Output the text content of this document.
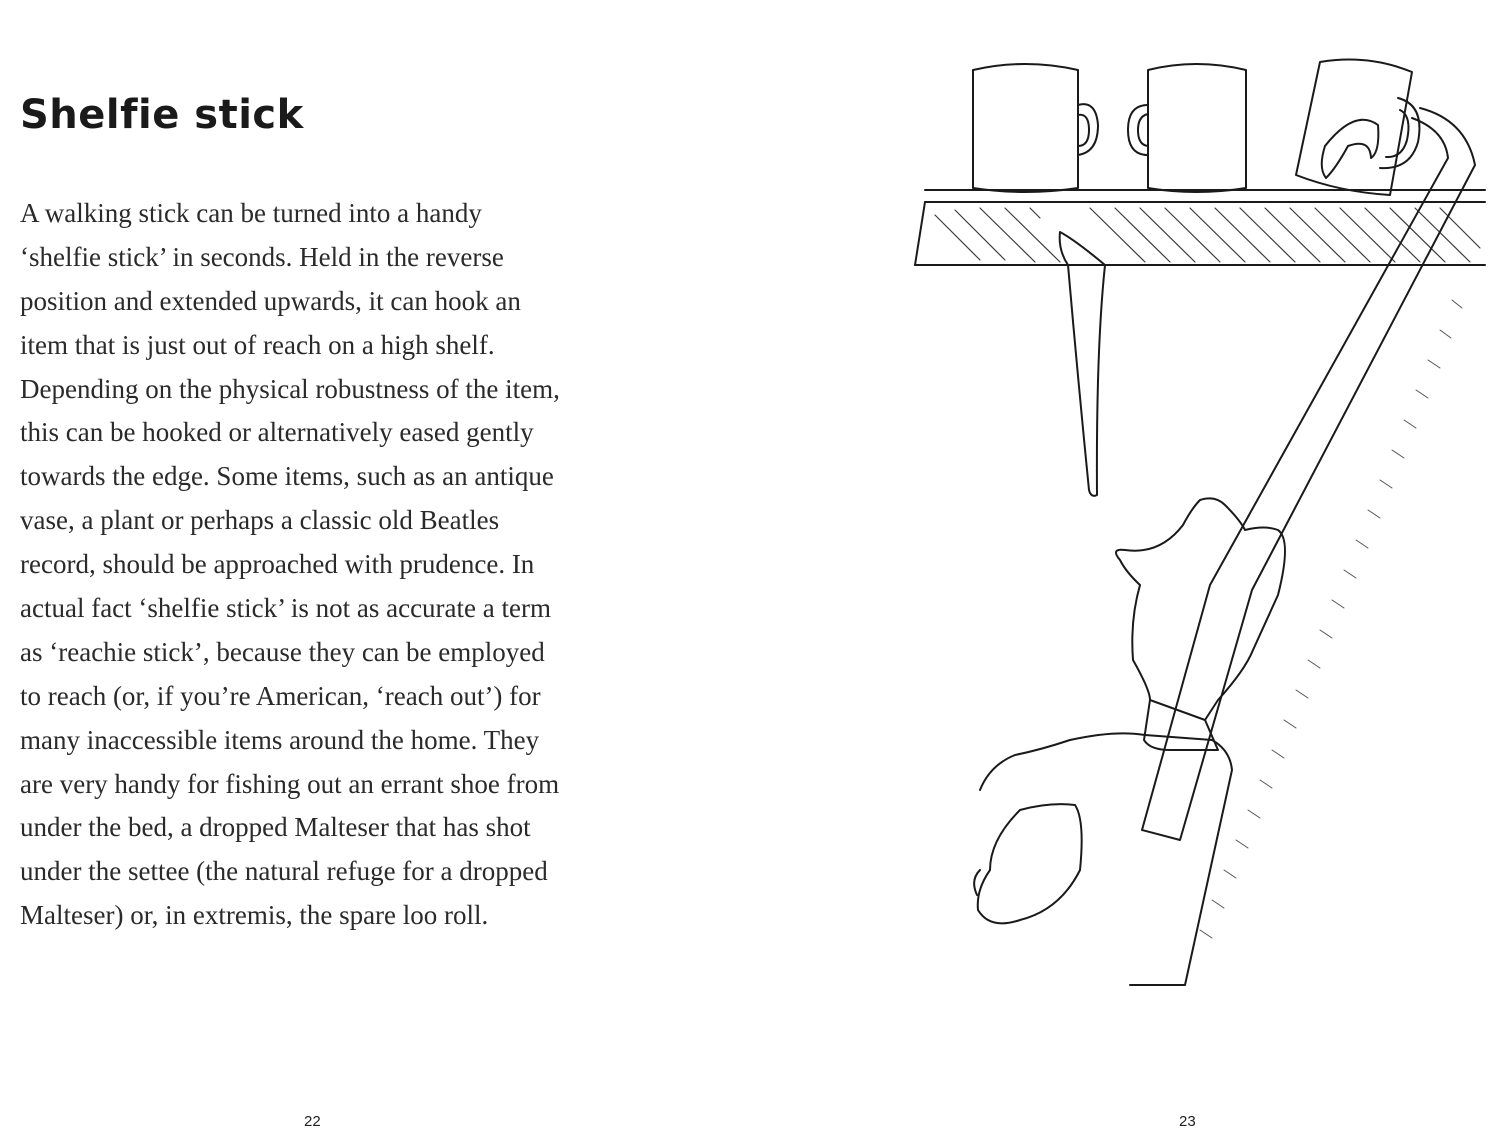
Shelfie stick
A walking stick can be turned into a handy
‘shelfie stick’ in seconds. Held in the reverse
position and extended upwards, it can hook an
item that is just out of reach on a high shelf.
Depending on the physical robustness of the item,
this can be hooked or alternatively eased gently
towards the edge. Some items, such as an antique
vase, a plant or perhaps a classic old Beatles
record, should be approached with prudence. In
actual fact ‘shelfie stick’ is not as accurate a term
as ‘reachie stick’, because they can be employed
to reach (or, if you’re American, ‘reach out’) for
many inaccessible items around the home. They
are very handy for fishing out an errant shoe from
under the bed, a dropped Malteser that has shot
under the settee (the natural refuge for a dropped
Malteser) or, in extremis, the spare loo roll.
22	23
